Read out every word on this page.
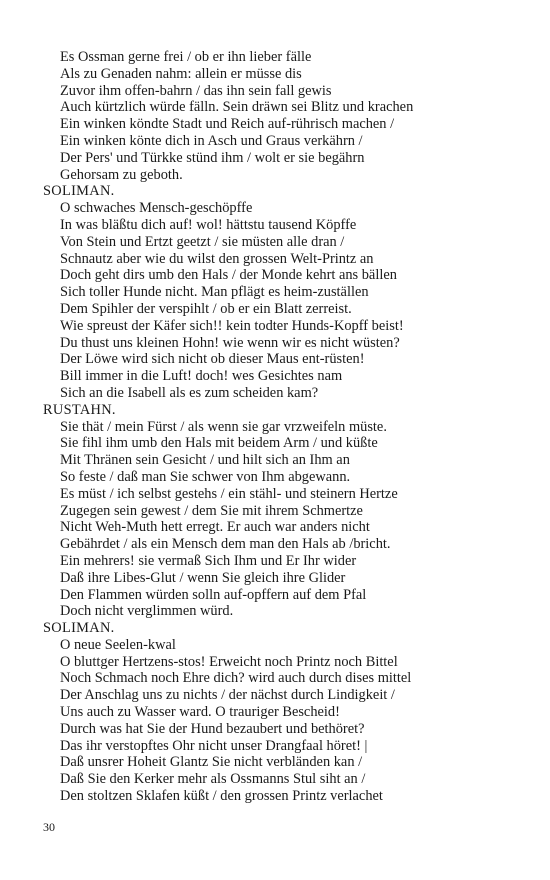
Es Ossman gerne frei / ob er ihn lieber fälle
Als zu Genaden nahm: allein er müsse dis
Zuvor ihm offen-bahrn / das ihn sein fall gewis
Auch kürtzlich würde fälln. Sein dräwn sei Blitz und krachen
Ein winken köndte Stadt und Reich auf-rührisch machen /
Ein winken könte dich in Asch und Graus verkährn /
Der Pers' und Türkke stünd ihm / wolt er sie begährn
Gehorsam zu geboth.
SOLIMAN.
O schwaches Mensch-geschöpffe
In was bläßtu dich auf! wol! hättstu tausend Köpffe
Von Stein und Ertzt geetzt / sie müsten alle dran /
Schnautz aber wie du wilst den grossen Welt-Printz an
Doch geht dirs umb den Hals / der Monde kehrt ans bällen
Sich toller Hunde nicht. Man pflägt es heim-zuställen
Dem Spihler der verspihlt / ob er ein Blatt zerreist.
Wie spreust der Käfer sich!! kein todter Hunds-Kopff beist!
Du thust uns kleinen Hohn! wie wenn wir es nicht wüsten?
Der Löwe wird sich nicht ob dieser Maus ent-rüsten!
Bill immer in die Luft! doch! wes Gesichtes nam
Sich an die Isabell als es zum scheiden kam?
RUSTAHN.
Sie thät / mein Fürst / als wenn sie gar vrzweifeln müste.
Sie fihl ihm umb den Hals mit beidem Arm / und küßte
Mit Thränen sein Gesicht / und hilt sich an Ihm an
So feste / daß man Sie schwer von Ihm abgewann.
Es müst / ich selbst gestehs / ein stähl- und steinern Hertze
Zugegen sein gewest / dem Sie mit ihrem Schmertze
Nicht Weh-Muth hett erregt. Er auch war anders nicht
Gebährdet / als ein Mensch dem man den Hals ab /bricht.
Ein mehrers! sie vermaß Sich Ihm und Er Ihr wider
Daß ihre Libes-Glut / wenn Sie gleich ihre Glider
Den Flammen würden solln auf-opffern auf dem Pfal
Doch nicht verglimmen würd.
SOLIMAN.
O neue Seelen-kwal
O bluttger Hertzens-stos! Erweicht noch Printz noch Bittel
Noch Schmach noch Ehre dich? wird auch durch dises mittel
Der Anschlag uns zu nichts / der nächst durch Lindigkeit /
Uns auch zu Wasser ward. O trauriger Bescheid!
Durch was hat Sie der Hund bezaubert und bethöret?
Das ihr verstopftes Ohr nicht unser Drangfaal höret! |
Daß unsrer Hoheit Glantz Sie nicht verbländen kan /
Daß Sie den Kerker mehr als Ossmanns Stul siht an /
Den stoltzen Sklafen küßt / den grossen Printz verlachet
30
